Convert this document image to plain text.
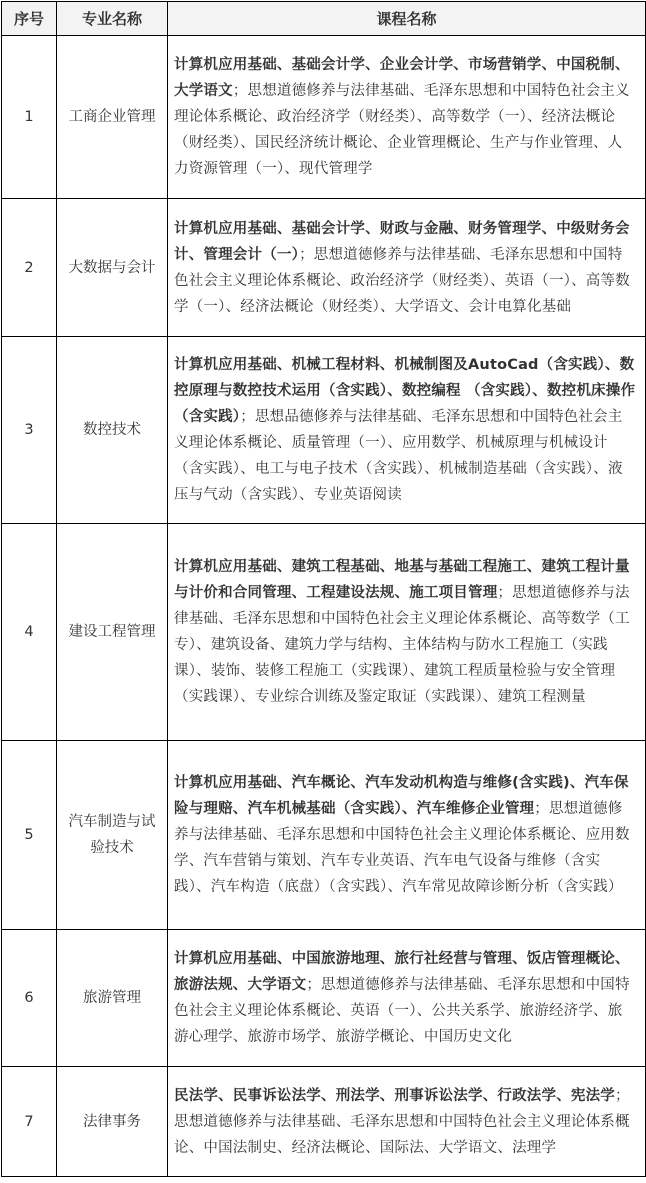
序号	专业名称	课程名称
1	工商企业管理	计算机应用基础、基础会计学、企业会计学、市场营销学、中国税制、大学语文；思想道德修养与法律基础、毛泽东思想和中国特色社会主义理论体系概论、政治经济学（财经类）、高等数学（一）、经济法概论（财经类）、国民经济统计概论、企业管理概论、生产与作业管理、人力资源管理（一）、现代管理学
2	大数据与会计	计算机应用基础、基础会计学、财政与金融、财务管理学、中级财务会计、管理会计（一）；思想道德修养与法律基础、毛泽东思想和中国特色社会主义理论体系概论、政治经济学（财经类）、英语（一）、高等数学（一）、经济法概论（财经类）、大学语文、会计电算化基础
3	数控技术	计算机应用基础、机械工程材料、机械制图及AutoCad（含实践）、数控原理与数控技术运用（含实践）、数控编程 （含实践）、数控机床操作（含实践）；思想品德修养与法律基础、毛泽东思想和中国特色社会主义理论体系概论、质量管理（一）、应用数学、机械原理与机械设计（含实践）、电工与电子技术（含实践）、机械制造基础（含实践）、液压与气动（含实践）、专业英语阅读
4	建设工程管理	计算机应用基础、建筑工程基础、地基与基础工程施工、建筑工程计量与计价和合同管理、工程建设法规、施工项目管理；思想道德修养与法律基础、毛泽东思想和中国特色社会主义理论体系概论、高等数学（工专）、建筑设备、建筑力学与结构、主体结构与防水工程施工（实践课）、装饰、装修工程施工（实践课）、建筑工程质量检验与安全管理（实践课）、专业综合训练及鉴定取证（实践课）、建筑工程测量
5	汽车制造与试验技术	计算机应用基础、汽车概论、汽车发动机构造与维修(含实践)、汽车保险与理赔、汽车机械基础（含实践）、汽车维修企业管理；思想道德修养与法律基础、毛泽东思想和中国特色社会主义理论体系概论、应用数学、汽车营销与策划、汽车专业英语、汽车电气设备与维修（含实践）、汽车构造（底盘）（含实践）、汽车常见故障诊断分析（含实践）
6	旅游管理	计算机应用基础、中国旅游地理、旅行社经营与管理、饭店管理概论、旅游法规、大学语文；思想道德修养与法律基础、毛泽东思想和中国特色社会主义理论体系概论、英语（一）、公共关系学、旅游经济学、旅游心理学、旅游市场学、旅游学概论、中国历史文化
7	法律事务	民法学、民事诉讼法学、刑法学、刑事诉讼法学、行政法学、宪法学；思想道德修养与法律基础、毛泽东思想和中国特色社会主义理论体系概论、中国法制史、经济法概论、国际法、大学语文、法理学
